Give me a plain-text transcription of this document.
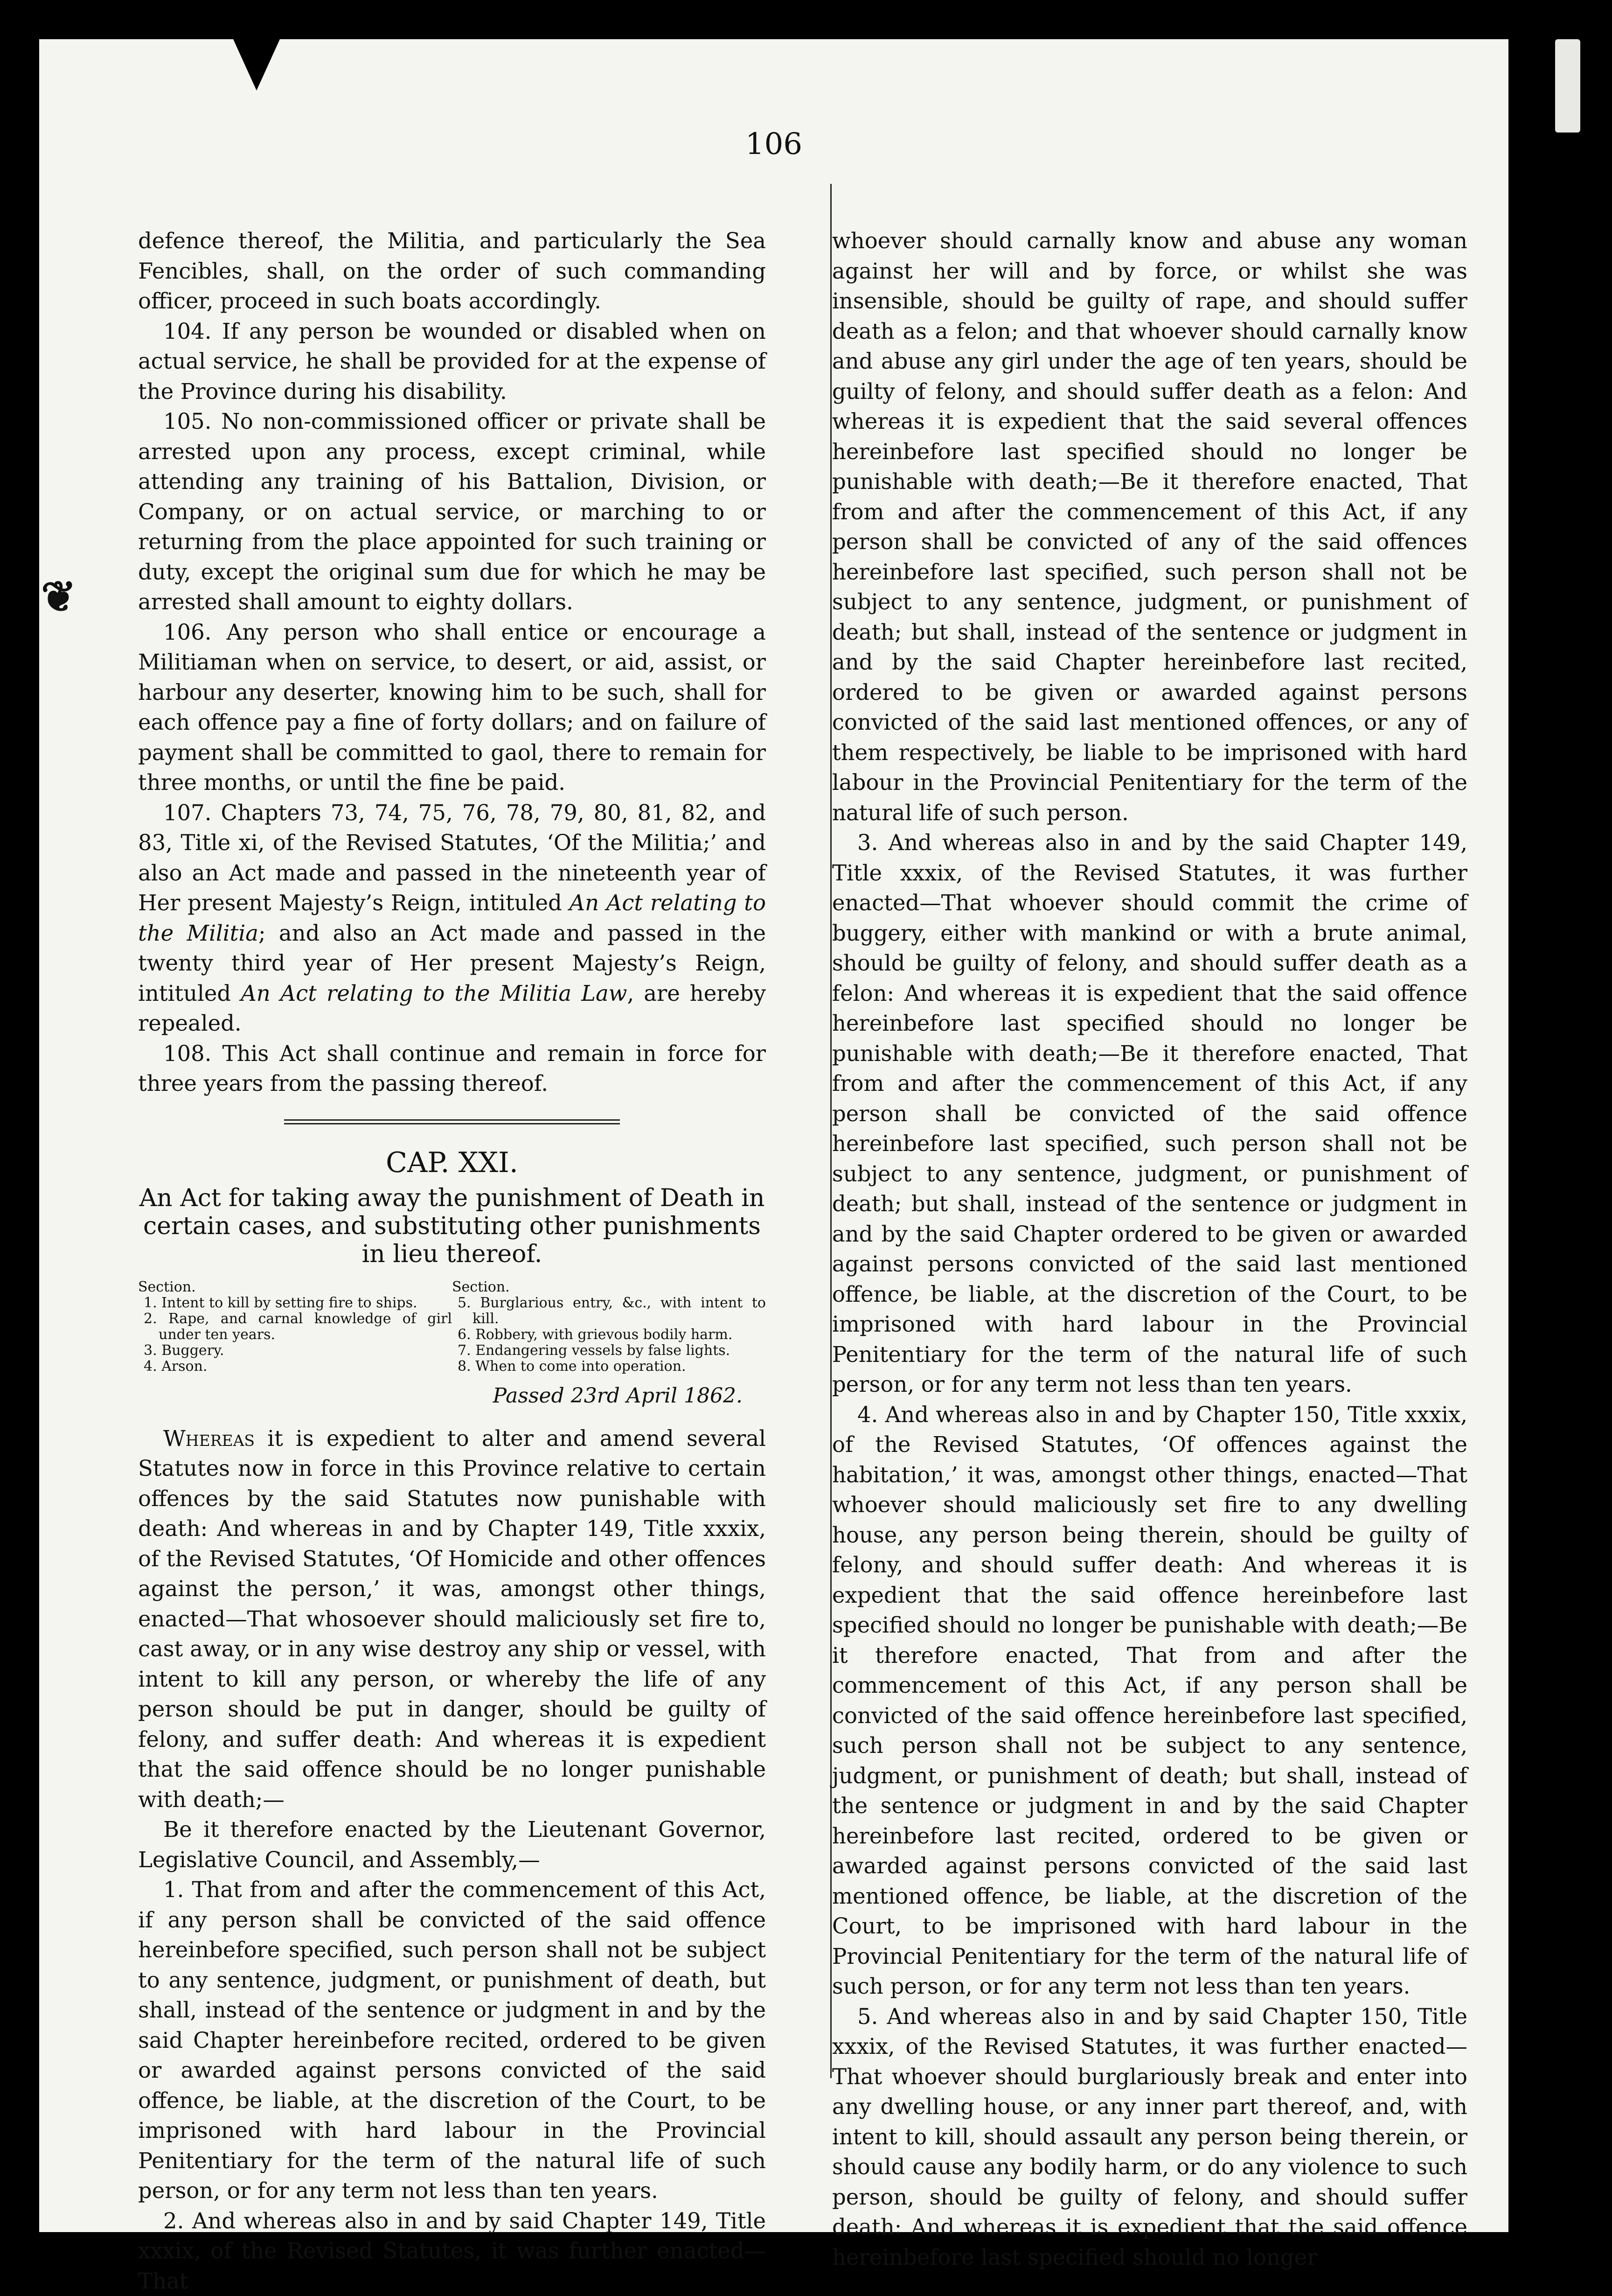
106

defence thereof, the Militia, and particularly the Sea Fencibles, shall, on the order of such commanding officer, proceed in such boats accordingly.

104. If any person be wounded or disabled when on actual service, he shall be provided for at the expense of the Province during his disability.

105. No non-commissioned officer or private shall be arrested upon any process, except criminal, while attending any training of his Battalion, Division, or Company, or on actual service, or marching to or returning from the place appointed for such training or duty, except the original sum due for which he may be arrested shall amount to eighty dollars.

106. Any person who shall entice or encourage a Militiaman when on service, to desert, or aid, assist, or harbour any deserter, knowing him to be such, shall for each offence pay a fine of forty dollars; and on failure of payment shall be committed to gaol, there to remain for three months, or until the fine be paid.

107. Chapters 73, 74, 75, 76, 78, 79, 80, 81, 82, and 83, Title xi, of the Revised Statutes, ‘Of the Militia;’ and also an Act made and passed in the nineteenth year of Her present Majesty’s Reign, intituled An Act relating to the Militia; and also an Act made and passed in the twenty third year of Her present Majesty’s Reign, intituled An Act relating to the Militia Law, are hereby repealed.

108. This Act shall continue and remain in force for three years from the passing thereof.

CAP. XXI.
An Act for taking away the punishment of Death in certain cases, and substituting other punishments in lieu thereof.
Section.
1. Intent to kill by setting fire to ships.
2. Rape, and carnal knowledge of girl under ten years.
3. Buggery.
4. Arson.
Section.
5. Burglarious entry, &c., with intent to kill.
6. Robbery, with grievous bodily harm.
7. Endangering vessels by false lights.
8. When to come into operation.
Passed 23rd April 1862.

Whereas it is expedient to alter and amend several Statutes now in force in this Province relative to certain offences by the said Statutes now punishable with death: And whereas in and by Chapter 149, Title xxxix, of the Revised Statutes, ‘Of Homicide and other offences against the person,’ it was, amongst other things, enacted—That whosoever should maliciously set fire to, cast away, or in any wise destroy any ship or vessel, with intent to kill any person, or whereby the life of any person should be put in danger, should be guilty of felony, and suffer death: And whereas it is expedient that the said offence should be no longer punishable with death;—

Be it therefore enacted by the Lieutenant Governor, Legislative Council, and Assembly,—

1. That from and after the commencement of this Act, if any person shall be convicted of the said offence hereinbefore specified, such person shall not be subject to any sentence, judgment, or punishment of death, but shall, instead of the sentence or judgment in and by the said Chapter hereinbefore recited, ordered to be given or awarded against persons convicted of the said offence, be liable, at the discretion of the Court, to be imprisoned with hard labour in the Provincial Penitentiary for the term of the natural life of such person, or for any term not less than ten years.

2. And whereas also in and by said Chapter 149, Title xxxix, of the Revised Statutes, it was further enacted—That

whoever should carnally know and abuse any woman against her will and by force, or whilst she was insensible, should be guilty of rape, and should suffer death as a felon; and that whoever should carnally know and abuse any girl under the age of ten years, should be guilty of felony, and should suffer death as a felon: And whereas it is expedient that the said several offences hereinbefore last specified should no longer be punishable with death;—Be it therefore enacted, That from and after the commencement of this Act, if any person shall be convicted of any of the said offences hereinbefore last specified, such person shall not be subject to any sentence, judgment, or punishment of death; but shall, instead of the sentence or judgment in and by the said Chapter hereinbefore last recited, ordered to be given or awarded against persons convicted of the said last mentioned offences, or any of them respectively, be liable to be imprisoned with hard labour in the Provincial Penitentiary for the term of the natural life of such person.

3. And whereas also in and by the said Chapter 149, Title xxxix, of the Revised Statutes, it was further enacted—That whoever should commit the crime of buggery, either with mankind or with a brute animal, should be guilty of felony, and should suffer death as a felon: And whereas it is expedient that the said offence hereinbefore last specified should no longer be punishable with death;—Be it therefore enacted, That from and after the commencement of this Act, if any person shall be convicted of the said offence hereinbefore last specified, such person shall not be subject to any sentence, judgment, or punishment of death; but shall, instead of the sentence or judgment in and by the said Chapter ordered to be given or awarded against persons convicted of the said last mentioned offence, be liable, at the discretion of the Court, to be imprisoned with hard labour in the Provincial Penitentiary for the term of the natural life of such person, or for any term not less than ten years.

4. And whereas also in and by Chapter 150, Title xxxix, of the Revised Statutes, ‘Of offences against the habitation,’ it was, amongst other things, enacted—That whoever should maliciously set fire to any dwelling house, any person being therein, should be guilty of felony, and should suffer death: And whereas it is expedient that the said offence hereinbefore last specified should no longer be punishable with death;—Be it therefore enacted, That from and after the commencement of this Act, if any person shall be convicted of the said offence hereinbefore last specified, such person shall not be subject to any sentence, judgment, or punishment of death; but shall, instead of the sentence or judgment in and by the said Chapter hereinbefore last recited, ordered to be given or awarded against persons convicted of the said last mentioned offence, be liable, at the discretion of the Court, to be imprisoned with hard labour in the Provincial Penitentiary for the term of the natural life of such person, or for any term not less than ten years.

5. And whereas also in and by said Chapter 150, Title xxxix, of the Revised Statutes, it was further enacted—That whoever should burglariously break and enter into any dwelling house, or any inner part thereof, and, with intent to kill, should assault any person being therein, or should cause any bodily harm, or do any violence to such person, should be guilty of felony, and should suffer death: And whereas it is expedient that the said offence hereinbefore last specified should no longer

❦
